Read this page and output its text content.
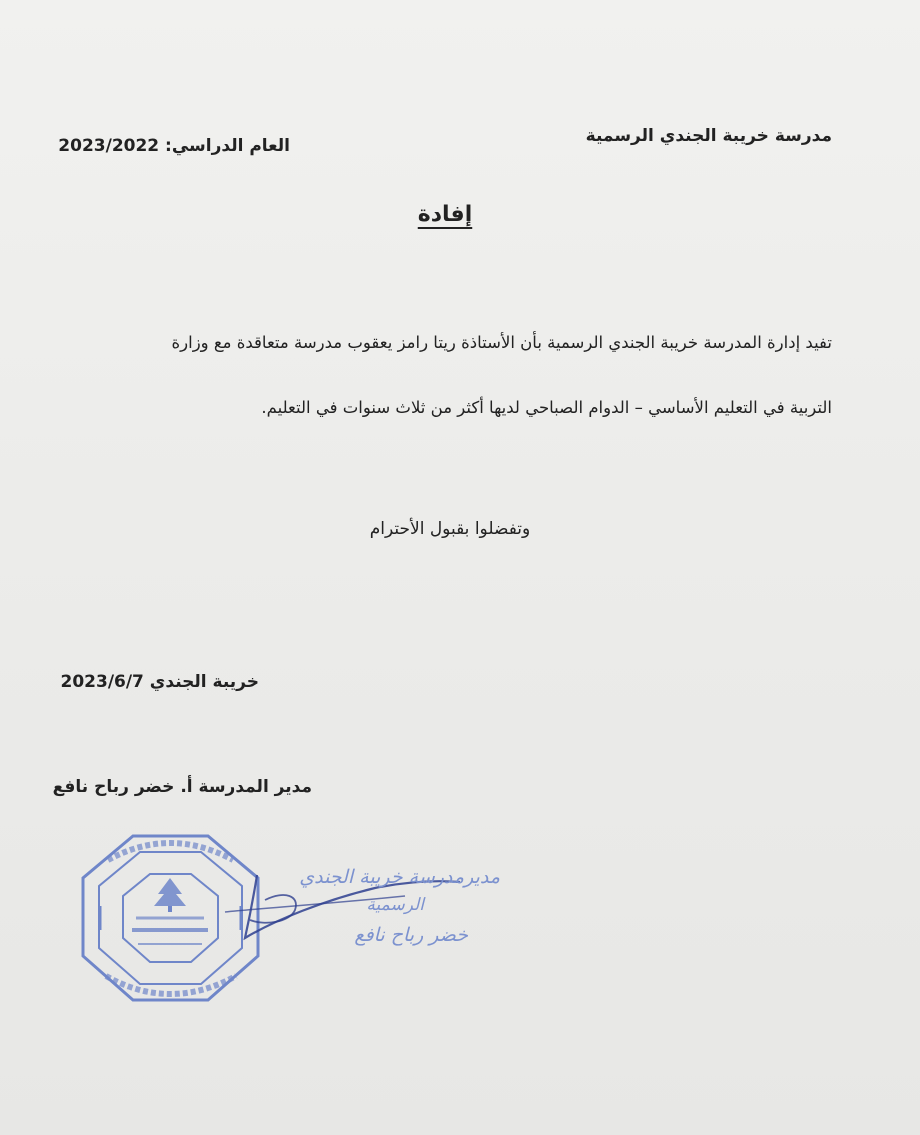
مدرسة خريبة الجندي الرسمية
العام الدراسي: 2023/2022
إفادة
تفيد إدارة المدرسة خريبة الجندي الرسمية بأن الأستاذة ريتا رامز يعقوب مدرسة متعاقدة مع وزارة
التربية في التعليم الأساسي – الدوام الصباحي لديها أكثر من ثلاث سنوات في التعليم.
وتفضلوا بقبول الأحترام
خريبة الجندي 2023/6/7
مدير المدرسة أ. خضر رباح نافع
مديرمدرسة خريبة الجندي
الرسمية
خضر رباح نافع
